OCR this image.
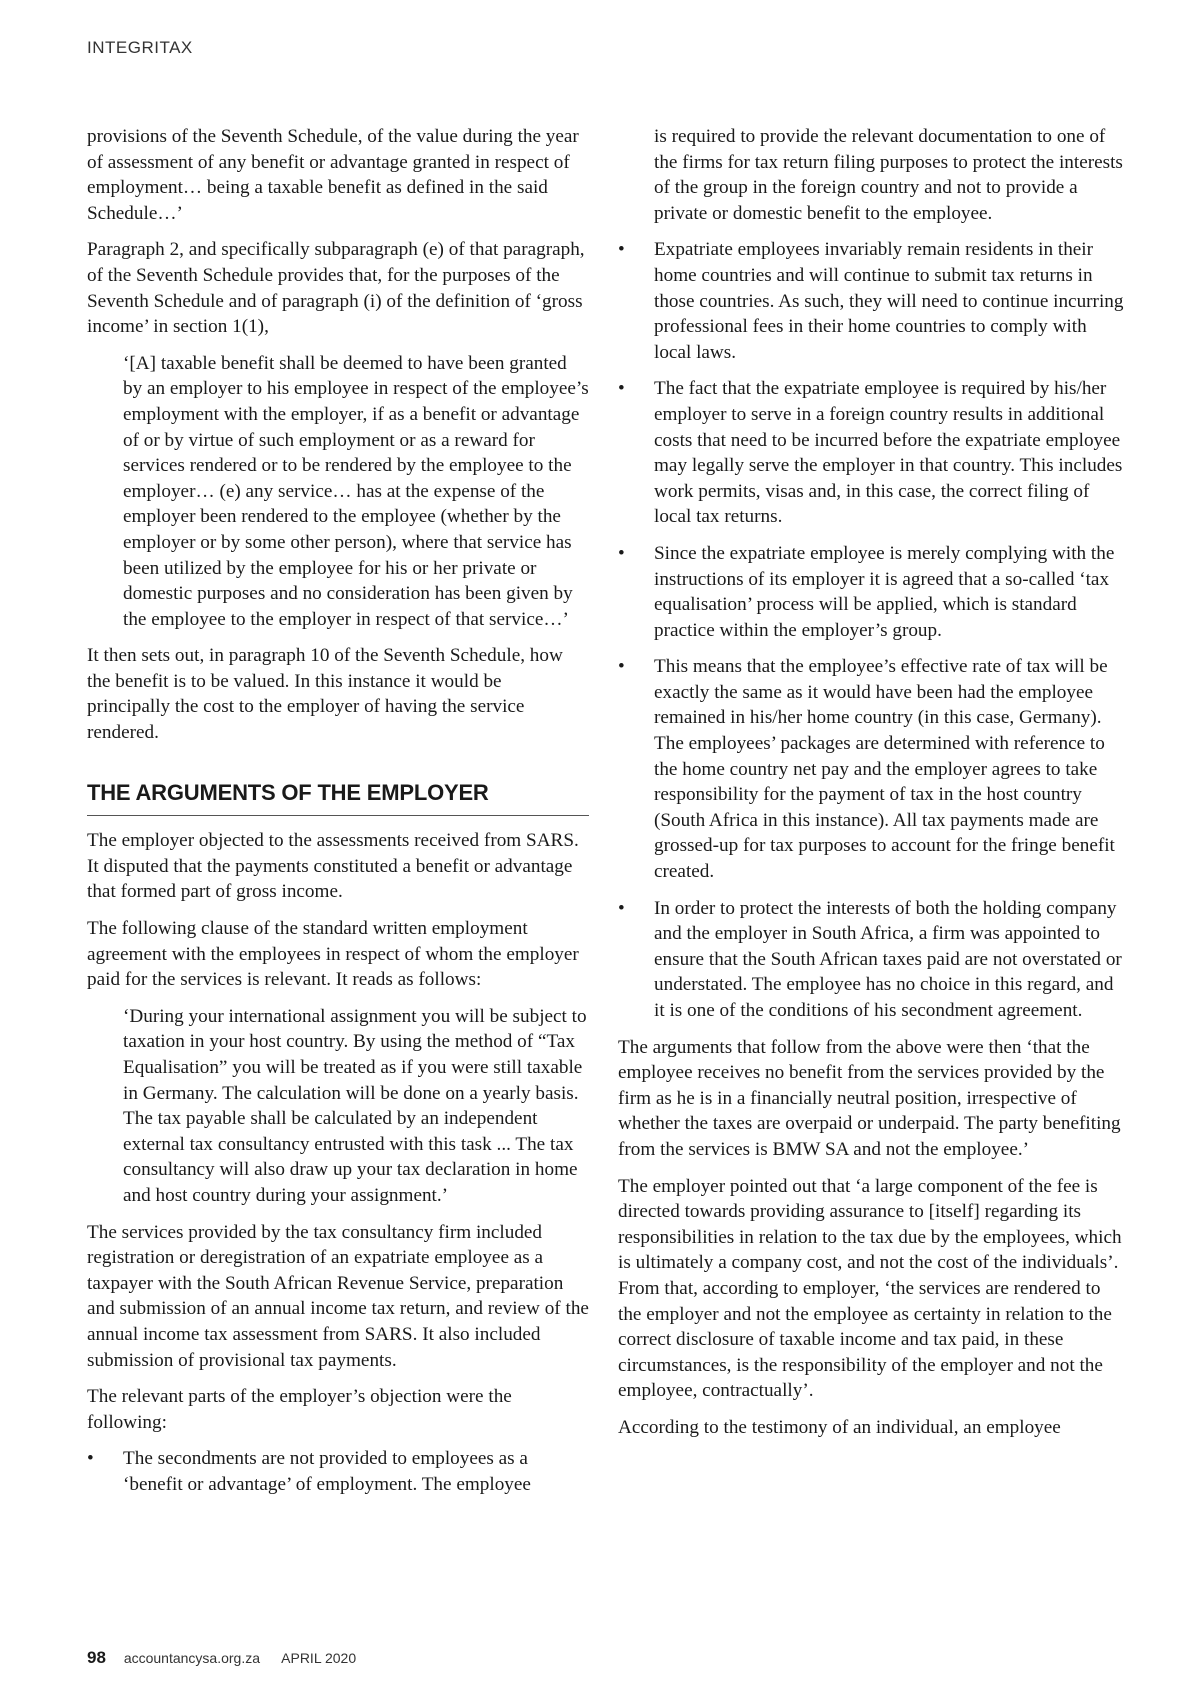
INTEGRITAX

provisions of the Seventh Schedule, of the value during the year of assessment of any benefit or advantage granted in respect of employment… being a taxable benefit as defined in the said Schedule…’

Paragraph 2, and specifically subparagraph (e) of that paragraph, of the Seventh Schedule provides that, for the purposes of the Seventh Schedule and of paragraph (i) of the definition of ‘gross income’ in section 1(1),

‘[A] taxable benefit shall be deemed to have been granted by an employer to his employee in respect of the employee’s employment with the employer, if as a benefit or advantage of or by virtue of such employment or as a reward for services rendered or to be rendered by the employee to the employer… (e) any service… has at the expense of the employer been rendered to the employee (whether by the employer or by some other person), where that service has been utilized by the employee for his or her private or domestic purposes and no consideration has been given by the employee to the employer in respect of that service…’

It then sets out, in paragraph 10 of the Seventh Schedule, how the benefit is to be valued. In this instance it would be principally the cost to the employer of having the service rendered.

THE ARGUMENTS OF THE EMPLOYER

The employer objected to the assessments received from SARS. It disputed that the payments constituted a benefit or advantage that formed part of gross income.

The following clause of the standard written employment agreement with the employees in respect of whom the employer paid for the services is relevant. It reads as follows:

‘During your international assignment you will be subject to taxation in your host country. By using the method of “Tax Equalisation” you will be treated as if you were still taxable in Germany. The calculation will be done on a yearly basis. The tax payable shall be calculated by an independent external tax consultancy entrusted with this task ... The tax consultancy will also draw up your tax declaration in home and host country during your assignment.’

The services provided by the tax consultancy firm included registration or deregistration of an expatriate employee as a taxpayer with the South African Revenue Service, preparation and submission of an annual income tax return, and review of the annual income tax assessment from SARS. It also included submission of provisional tax payments.

The relevant parts of the employer’s objection were the following:

• The secondments are not provided to employees as a ‘benefit or advantage’ of employment. The employee
is required to provide the relevant documentation to one of the firms for tax return filing purposes to protect the interests of the group in the foreign country and not to provide a private or domestic benefit to the employee.
• Expatriate employees invariably remain residents in their home countries and will continue to submit tax returns in those countries. As such, they will need to continue incurring professional fees in their home countries to comply with local laws.
• The fact that the expatriate employee is required by his/her employer to serve in a foreign country results in additional costs that need to be incurred before the expatriate employee may legally serve the employer in that country. This includes work permits, visas and, in this case, the correct filing of local tax returns.
• Since the expatriate employee is merely complying with the instructions of its employer it is agreed that a so-called ‘tax equalisation’ process will be applied, which is standard practice within the employer’s group.
• This means that the employee’s effective rate of tax will be exactly the same as it would have been had the employee remained in his/her home country (in this case, Germany). The employees’ packages are determined with reference to the home country net pay and the employer agrees to take responsibility for the payment of tax in the host country (South Africa in this instance). All tax payments made are grossed-up for tax purposes to account for the fringe benefit created.
• In order to protect the interests of both the holding company and the employer in South Africa, a firm was appointed to ensure that the South African taxes paid are not overstated or understated. The employee has no choice in this regard, and it is one of the conditions of his secondment agreement.

The arguments that follow from the above were then ‘that the employee receives no benefit from the services provided by the firm as he is in a financially neutral position, irrespective of whether the taxes are overpaid or underpaid. The party benefiting from the services is BMW SA and not the employee.’

The employer pointed out that ‘a large component of the fee is directed towards providing assurance to [itself] regarding its responsibilities in relation to the tax due by the employees, which is ultimately a company cost, and not the cost of the individuals’. From that, according to employer, ‘the services are rendered to the employer and not the employee as certainty in relation to the correct disclosure of taxable income and tax paid, in these circumstances, is the responsibility of the employer and not the employee, contractually’.

According to the testimony of an individual, an employee

98 accountancysa.org.za APRIL 2020
